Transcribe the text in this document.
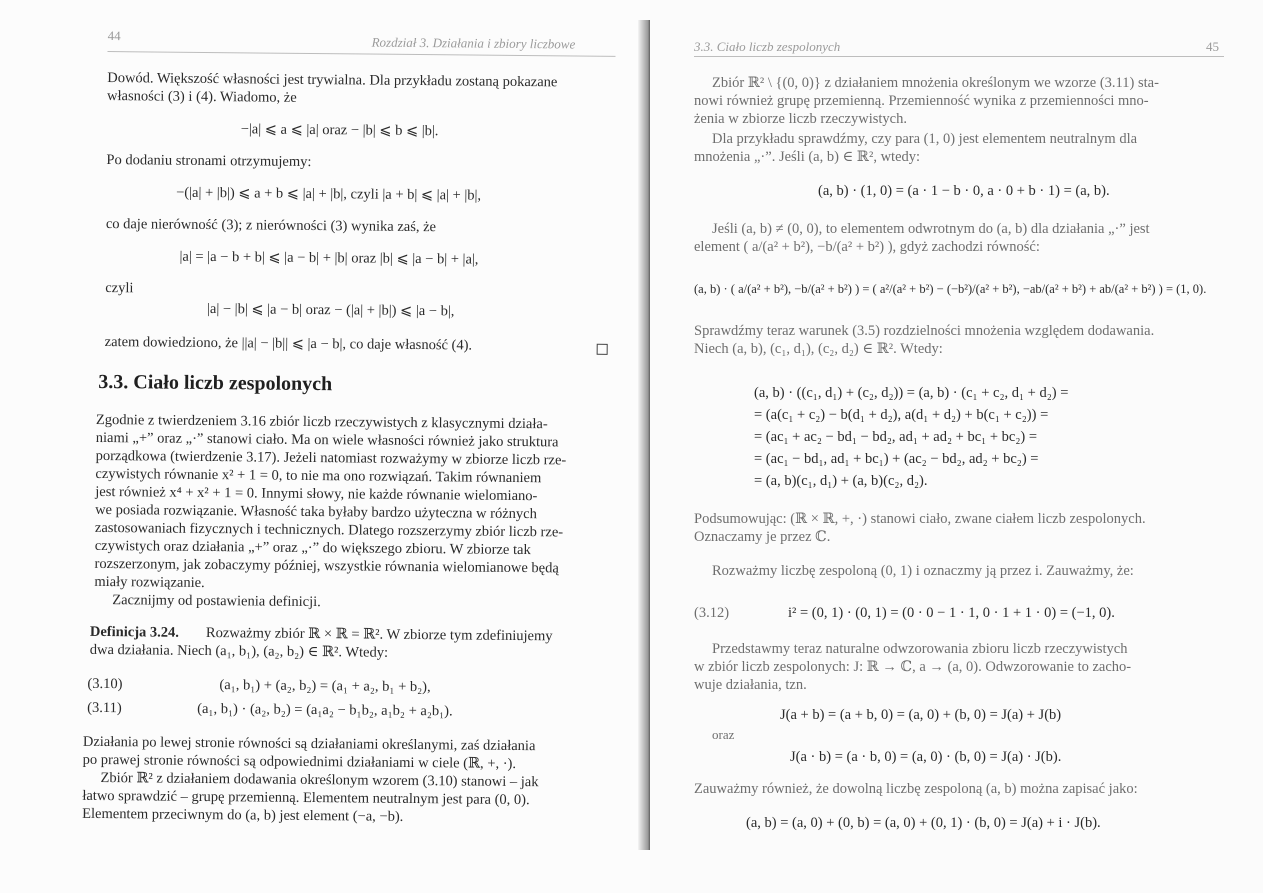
44	Rozdział 3. Działania i zbiory liczbowe
Dowód. Większość własności jest trywialna. Dla przykładu zostaną pokazane
własności (3) i (4). Wiadomo, że
−|a| ⩽ a ⩽ |a| oraz − |b| ⩽ b ⩽ |b|.
Po dodaniu stronami otrzymujemy:
−(|a| + |b|) ⩽ a + b ⩽ |a| + |b|, czyli |a + b| ⩽ |a| + |b|,
co daje nierówność (3); z nierówności (3) wynika zaś, że
|a| = |a − b + b| ⩽ |a − b| + |b| oraz |b| ⩽ |a − b| + |a|,
czyli
|a| − |b| ⩽ |a − b| oraz − (|a| + |b|) ⩽ |a − b|,
zatem dowiedziono, że ||a| − |b|| ⩽ |a − b|, co daje własność (4).
3.3. Ciało liczb zespolonych
Zgodnie z twierdzeniem 3.16 zbiór liczb rzeczywistych z klasycznymi działa-
niami „+” oraz „·” stanowi ciało. Ma on wiele własności również jako struktura
porządkowa (twierdzenie 3.17). Jeżeli natomiast rozważymy w zbiorze liczb rze-
czywistych równanie x² + 1 = 0, to nie ma ono rozwiązań. Takim równaniem
jest również x⁴ + x² + 1 = 0. Innymi słowy, nie każde równanie wielomiano-
we posiada rozwiązanie. Własność taka byłaby bardzo użyteczna w różnych
zastosowaniach fizycznych i technicznych. Dlatego rozszerzymy zbiór liczb rze-
czywistych oraz działania „+” oraz „·” do większego zbioru. W zbiorze tak
rozszerzonym, jak zobaczymy później, wszystkie równania wielomianowe będą
miały rozwiązanie.
Zacznijmy od postawienia definicji.
Definicja 3.24. Rozważmy zbiór ℝ × ℝ = ℝ². W zbiorze tym zdefiniujemy
dwa działania. Niech (a₁, b₁), (a₂, b₂) ∈ ℝ². Wtedy:
(3.10)	(a₁, b₁) + (a₂, b₂) = (a₁ + a₂, b₁ + b₂),
(3.11)	(a₁, b₁) · (a₂, b₂) = (a₁a₂ − b₁b₂, a₁b₂ + a₂b₁).
Działania po lewej stronie równości są działaniami określanymi, zaś działania
po prawej stronie równości są odpowiednimi działaniami w ciele (ℝ, +, ·).
Zbiór ℝ² z działaniem dodawania określonym wzorem (3.10) stanowi – jak
łatwo sprawdzić – grupę przemienną. Elementem neutralnym jest para (0, 0).
Elementem przeciwnym do (a, b) jest element (−a, −b).
3.3. Ciało liczb zespolonych	45
Zbiór ℝ² \ {(0, 0)} z działaniem mnożenia określonym we wzorze (3.11) sta-
nowi również grupę przemienną. Przemienność wynika z przemienności mno-
żenia w zbiorze liczb rzeczywistych.
Dla przykładu sprawdźmy, czy para (1, 0) jest elementem neutralnym dla
mnożenia „·”. Jeśli (a, b) ∈ ℝ², wtedy:
(a, b) · (1, 0) = (a · 1 − b · 0, a · 0 + b · 1) = (a, b).
Jeśli (a, b) ≠ (0, 0), to elementem odwrotnym do (a, b) dla działania „·” jest
element ( a/(a² + b²), −b/(a² + b²) ), gdyż zachodzi równość:
(a, b) · ( a/(a² + b²), −b/(a² + b²) ) = ( a²/(a² + b²) − (−b²)/(a² + b²), −ab/(a² + b²) + ab/(a² + b²) ) = (1, 0).
Sprawdźmy teraz warunek (3.5) rozdzielności mnożenia względem dodawania.
Niech (a, b), (c₁, d₁), (c₂, d₂) ∈ ℝ². Wtedy:
(a, b) · ((c₁, d₁) + (c₂, d₂)) = (a, b) · (c₁ + c₂, d₁ + d₂) =
= (a(c₁ + c₂) − b(d₁ + d₂), a(d₁ + d₂) + b(c₁ + c₂)) =
= (ac₁ + ac₂ − bd₁ − bd₂, ad₁ + ad₂ + bc₁ + bc₂) =
= (ac₁ − bd₁, ad₁ + bc₁) + (ac₂ − bd₂, ad₂ + bc₂) =
= (a, b)(c₁, d₁) + (a, b)(c₂, d₂).
Podsumowując: (ℝ × ℝ, +, ·) stanowi ciało, zwane ciałem liczb zespolonych.
Oznaczamy je przez ℂ.
Rozważmy liczbę zespoloną (0, 1) i oznaczmy ją przez i. Zauważmy, że:
(3.12)	i² = (0, 1) · (0, 1) = (0 · 0 − 1 · 1, 0 · 1 + 1 · 0) = (−1, 0).
Przedstawmy teraz naturalne odwzorowania zbioru liczb rzeczywistych
w zbiór liczb zespolonych: J: ℝ → ℂ, a → (a, 0). Odwzorowanie to zacho-
wuje działania, tzn.
J(a + b) = (a + b, 0) = (a, 0) + (b, 0) = J(a) + J(b)
oraz
J(a · b) = (a · b, 0) = (a, 0) · (b, 0) = J(a) · J(b).
Zauważmy również, że dowolną liczbę zespoloną (a, b) można zapisać jako:
(a, b) = (a, 0) + (0, b) = (a, 0) + (0, 1) · (b, 0) = J(a) + i · J(b).
